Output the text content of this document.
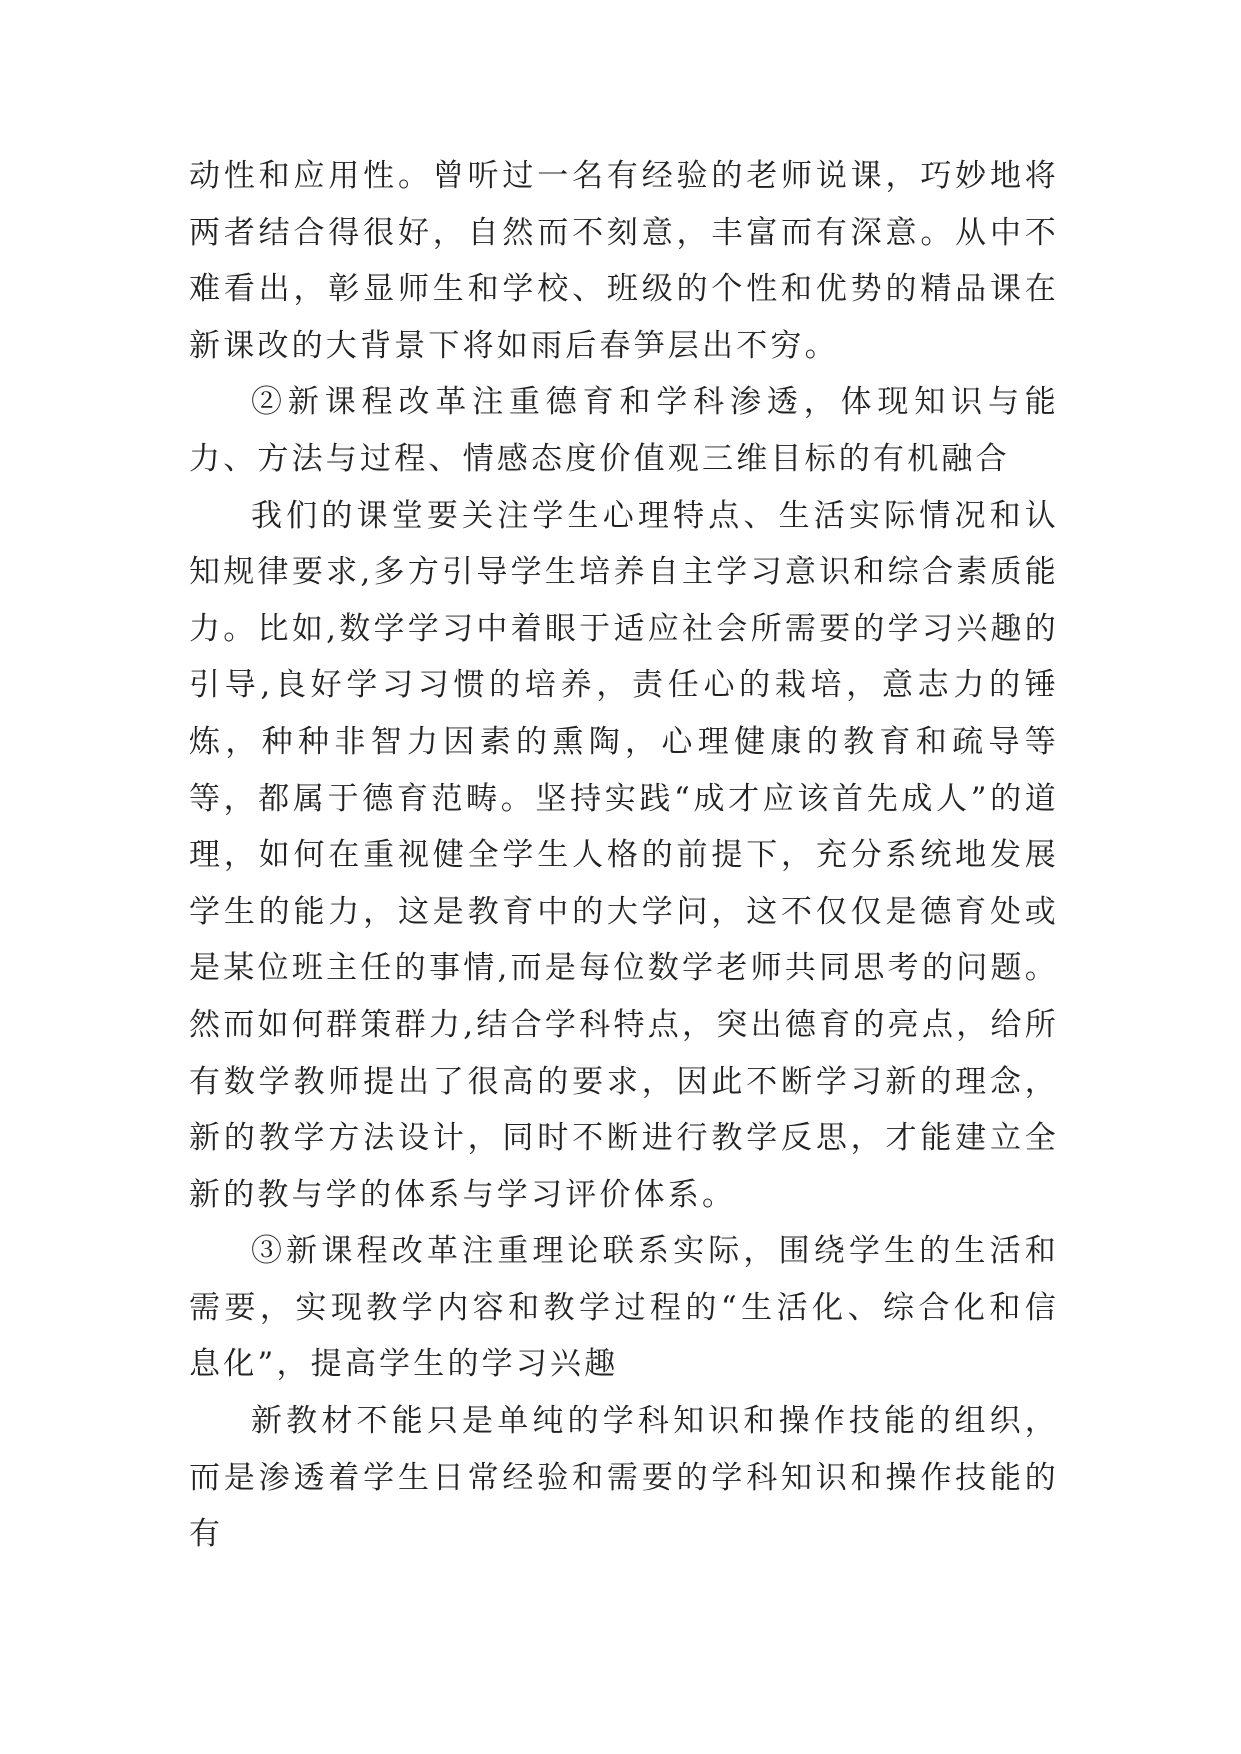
动性和应用性。曾听过一名有经验的老师说课，巧妙地将两者结合得很好，自然而不刻意，丰富而有深意。从中不难看出，彰显师生和学校、班级的个性和优势的精品课在新课改的大背景下将如雨后春笋层出不穷。

②新课程改革注重德育和学科渗透，体现知识与能力、方法与过程、情感态度价值观三维目标的有机融合

我们的课堂要关注学生心理特点、生活实际情况和认知规律要求,多方引导学生培养自主学习意识和综合素质能力。比如,数学学习中着眼于适应社会所需要的学习兴趣的引导,良好学习习惯的培养，责任心的栽培，意志力的锤炼，种种非智力因素的熏陶，心理健康的教育和疏导等等，都属于德育范畴。坚持实践“成才应该首先成人”的道理，如何在重视健全学生人格的前提下，充分系统地发展学生的能力，这是教育中的大学问，这不仅仅是德育处或是某位班主任的事情,而是每位数学老师共同思考的问题。然而如何群策群力,结合学科特点，突出德育的亮点，给所有数学教师提出了很高的要求，因此不断学习新的理念，新的教学方法设计，同时不断进行教学反思，才能建立全新的教与学的体系与学习评价体系。

③新课程改革注重理论联系实际，围绕学生的生活和需要，实现教学内容和教学过程的“生活化、综合化和信息化”，提高学生的学习兴趣

新教材不能只是单纯的学科知识和操作技能的组织，而是渗透着学生日常经验和需要的学科知识和操作技能的有
